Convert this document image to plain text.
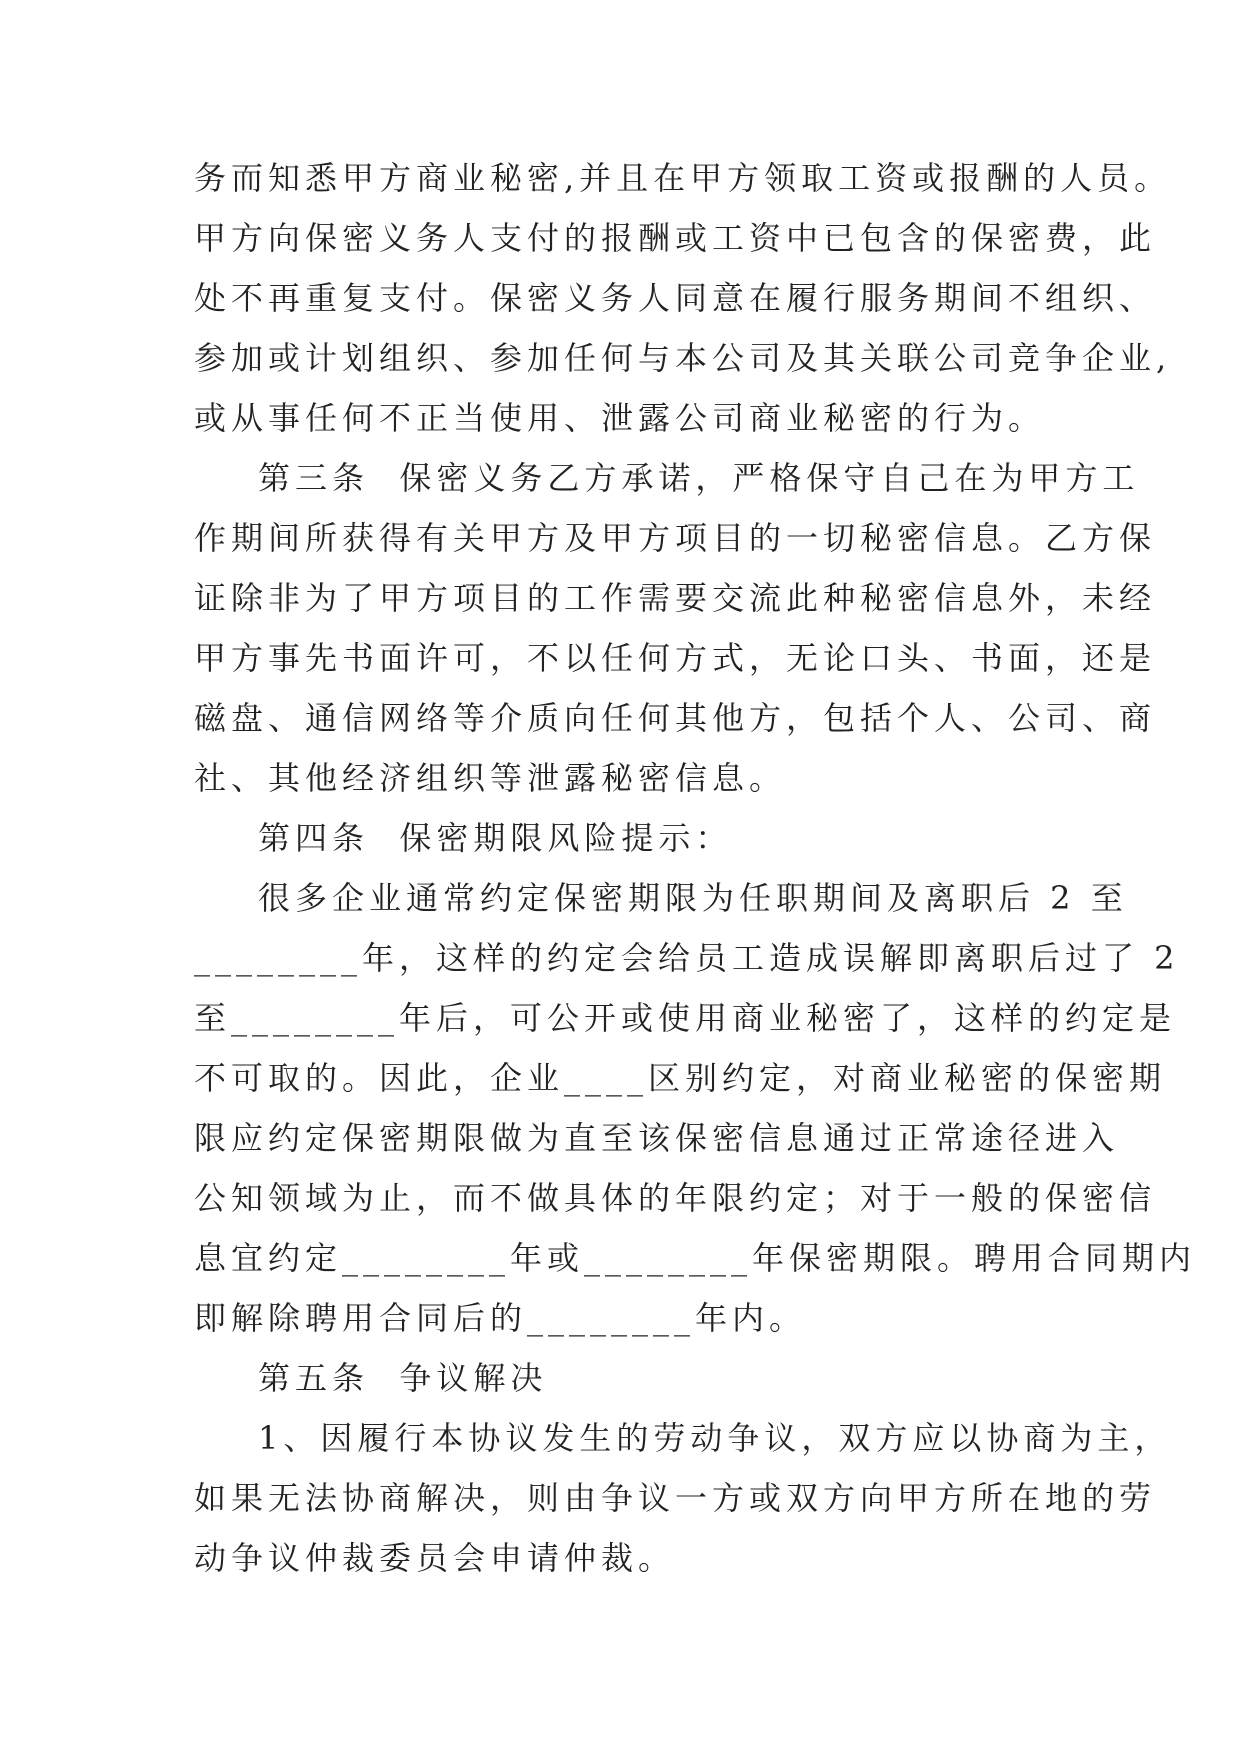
务而知悉甲方商业秘密,并且在甲方领取工资或报酬的人员。
甲方向保密义务人支付的报酬或工资中已包含的保密费，此
处不再重复支付。保密义务人同意在履行服务期间不组织、
参加或计划组织、参加任何与本公司及其关联公司竞争企业,
或从事任何不正当使用、泄露公司商业秘密的行为。
第三条  保密义务乙方承诺，严格保守自己在为甲方工
作期间所获得有关甲方及甲方项目的一切秘密信息。乙方保
证除非为了甲方项目的工作需要交流此种秘密信息外，未经
甲方事先书面许可，不以任何方式，无论口头、书面，还是
磁盘、通信网络等介质向任何其他方，包括个人、公司、商
社、其他经济组织等泄露秘密信息。
第四条  保密期限风险提示：
很多企业通常约定保密期限为任职期间及离职后 2 至
________年，这样的约定会给员工造成误解即离职后过了 2
至________年后，可公开或使用商业秘密了，这样的约定是
不可取的。因此，企业____区别约定，对商业秘密的保密期
限应约定保密期限做为直至该保密信息通过正常途径进入
公知领域为止，而不做具体的年限约定；对于一般的保密信
息宜约定________年或________年保密期限。聘用合同期内
即解除聘用合同后的________年内。
第五条  争议解决
1、因履行本协议发生的劳动争议，双方应以协商为主，
如果无法协商解决，则由争议一方或双方向甲方所在地的劳
动争议仲裁委员会申请仲裁。
